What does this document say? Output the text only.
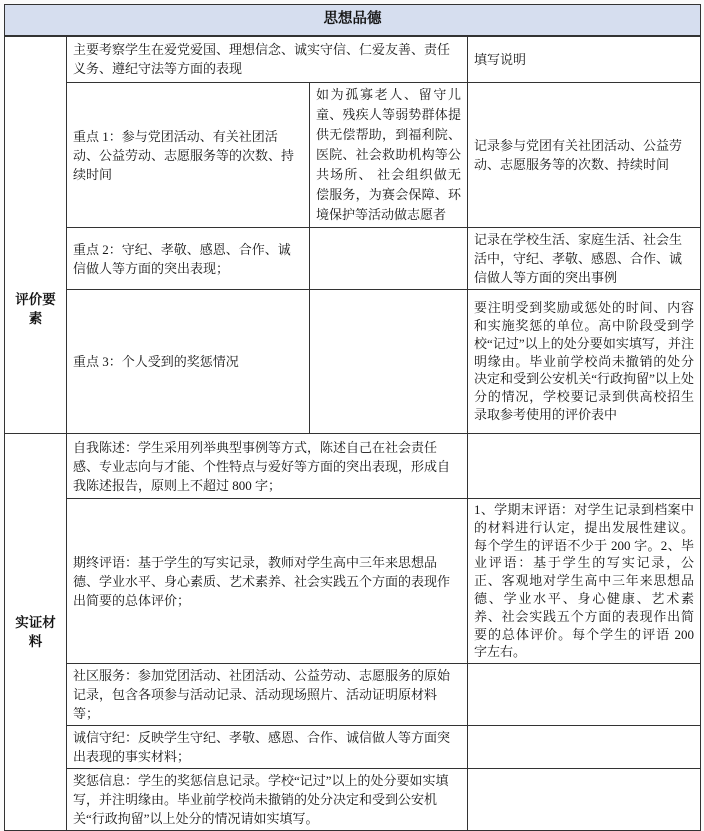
思想品德			
评价要素	主要考察学生在爱党爱国、理想信念、诚实守信、仁爱友善、责任义务、遵纪守法等方面的表现		填写说明
	重点 1：参与党团活动、有关社团活动、公益劳动、志愿服务等的次数、持续时间	如为孤寡老人、留守儿童、残疾人等弱势群体提供无偿帮助，到福利院、医院、社会救助机构等公共场所、 社会组织做无偿服务，为赛会保障、环境保护等活动做志愿者	记录参与党团有关社团活动、公益劳动、志愿服务等的次数、持续时间
	重点 2：守纪、孝敬、感恩、合作、诚信做人等方面的突出表现；		记录在学校生活、家庭生活、社会生活中，守纪、孝敬、感恩、合作、诚信做人等方面的突出事例
	重点 3：个人受到的奖惩情况		要注明受到奖励或惩处的时间、内容和实施奖惩的单位。高中阶段受到学校“记过”以上的处分要如实填写，并注明缘由。毕业前学校尚未撤销的处分决定和受到公安机关“行政拘留”以上处分的情况，学校要记录到供高校招生录取参考使用的评价表中
实证材料	自我陈述：学生采用列举典型事例等方式，陈述自己在社会责任感、专业志向与才能、个性特点与爱好等方面的突出表现，形成自我陈述报告，原则上不超过 800 字；		
	期终评语：基于学生的写实记录，教师对学生高中三年来思想品德、学业水平、身心素质、艺术素养、社会实践五个方面的表现作出简要的总体评价；		1、学期末评语：对学生记录到档案中的材料进行认定，提出发展性建议。每个学生的评语不少于 200 字。2、毕业评语：基于学生的写实记录，公正、客观地对学生高中三年来思想品德、学业水平、身心健康、艺术素养、社会实践五个方面的表现作出简要的总体评价。每个学生的评语 200 字左右。
	社区服务：参加党团活动、社团活动、公益劳动、志愿服务的原始记录，包含各项参与活动记录、活动现场照片、活动证明原材料等；		
	诚信守纪：反映学生守纪、孝敬、感恩、合作、诚信做人等方面突出表现的事实材料；		
	奖惩信息：学生的奖惩信息记录。学校“记过”以上的处分要如实填写，并注明缘由。毕业前学校尚未撤销的处分决定和受到公安机关“行政拘留”以上处分的情况请如实填写。		
